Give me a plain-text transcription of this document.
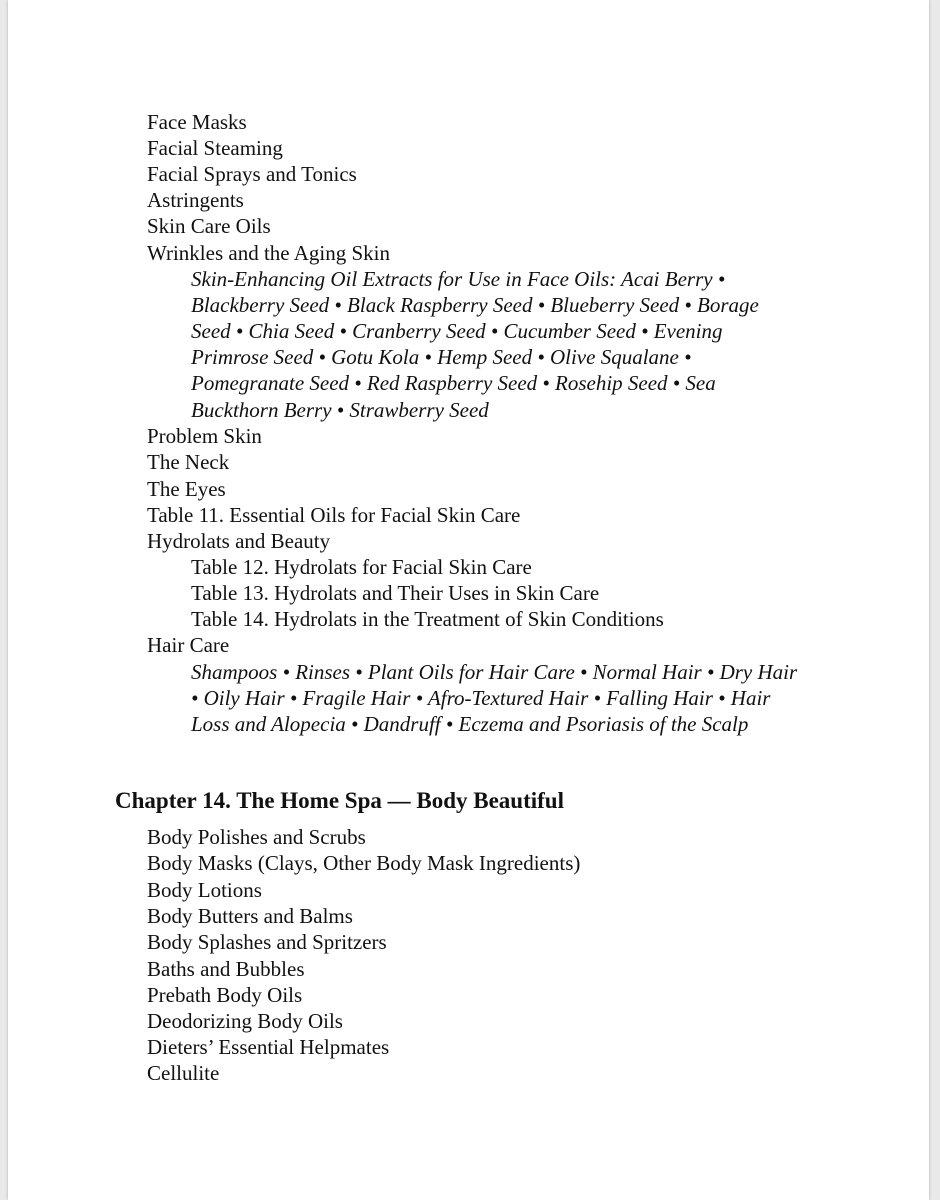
Face Masks
Facial Steaming
Facial Sprays and Tonics
Astringents
Skin Care Oils
Wrinkles and the Aging Skin
Skin-Enhancing Oil Extracts for Use in Face Oils: Acai Berry •
Blackberry Seed • Black Raspberry Seed • Blueberry Seed • Borage
Seed • Chia Seed • Cranberry Seed • Cucumber Seed • Evening
Primrose Seed • Gotu Kola • Hemp Seed • Olive Squalane •
Pomegranate Seed • Red Raspberry Seed • Rosehip Seed • Sea
Buckthorn Berry • Strawberry Seed
Problem Skin
The Neck
The Eyes
Table 11. Essential Oils for Facial Skin Care
Hydrolats and Beauty
Table 12. Hydrolats for Facial Skin Care
Table 13. Hydrolats and Their Uses in Skin Care
Table 14. Hydrolats in the Treatment of Skin Conditions
Hair Care
Shampoos • Rinses • Plant Oils for Hair Care • Normal Hair • Dry Hair
• Oily Hair • Fragile Hair • Afro-Textured Hair • Falling Hair • Hair
Loss and Alopecia • Dandruff • Eczema and Psoriasis of the Scalp
Chapter 14. The Home Spa — Body Beautiful
Body Polishes and Scrubs
Body Masks (Clays, Other Body Mask Ingredients)
Body Lotions
Body Butters and Balms
Body Splashes and Spritzers
Baths and Bubbles
Prebath Body Oils
Deodorizing Body Oils
Dieters’ Essential Helpmates
Cellulite
